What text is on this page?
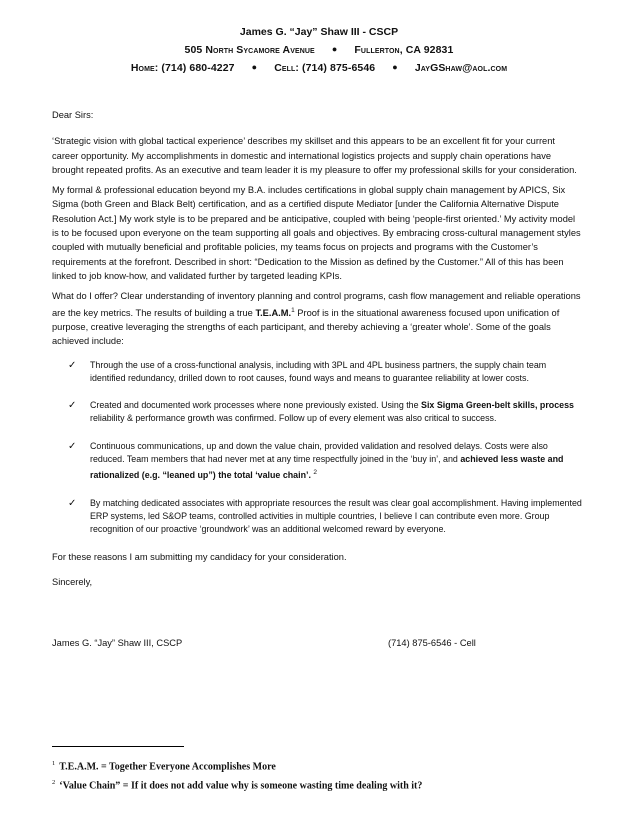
James G. “Jay” Shaw III - CSCP
505 North Sycamore Avenue ● Fullerton, CA 92831
Home: (714) 680-4227 ● Cell: (714) 875-6546 ● JayGShaw@aol.com

Dear Sirs:

‘Strategic vision with global tactical experience’ describes my skillset and this appears to be an excellent fit for your current career opportunity. My accomplishments in domestic and international logistics projects and supply chain operations have brought repeated profits. As an executive and team leader it is my pleasure to offer my professional skills for your consideration.

My formal & professional education beyond my B.A. includes certifications in global supply chain management by APICS, Six Sigma (both Green and Black Belt) certification, and as a certified dispute Mediator [under the California Alternative Dispute Resolution Act.] My work style is to be prepared and be anticipative, coupled with being ‘people-first oriented.’ My activity model is to be focused upon everyone on the team supporting all goals and objectives. By embracing cross-cultural management styles coupled with mutually beneficial and profitable policies, my teams focus on projects and programs with the Customer’s requirements at the forefront. Described in short: “Dedication to the Mission as defined by the Customer.” All of this has been linked to job know-how, and validated further by targeted leading KPIs.

What do I offer? Clear understanding of inventory planning and control programs, cash flow management and reliable operations are the key metrics. The results of building a true T.E.A.M.$^1$ Proof is in the situational awareness focused upon unification of purpose, creative leveraging the strengths of each participant, and thereby achieving a ‘greater whole’. Some of the goals achieved include:

✓ Through the use of a cross-functional analysis, including with 3PL and 4PL business partners, the supply chain team identified redundancy, drilled down to root causes, found ways and means to guarantee reliability at lower costs.
✓ Created and documented work processes where none previously existed. Using the Six Sigma Green-belt skills, process reliability & performance growth was confirmed. Follow up of every element was also critical to success.
✓ Continuous communications, up and down the value chain, provided validation and resolved delays. Costs were also reduced. Team members that had never met at any time respectfully joined in the ‘buy in’, and achieved less waste and rationalized (e.g. “leaned up”) the total ‘value chain’. $^2$
✓ By matching dedicated associates with appropriate resources the result was clear goal accomplishment. Having implemented ERP systems, led S&OP teams, controlled activities in multiple countries, I believe I can contribute even more. Group recognition of our proactive ‘groundwork’ was an additional welcomed reward by everyone.

For these reasons I am submitting my candidacy for your consideration.

Sincerely,

James G. “Jay” Shaw III, CSCP	(714) 875-6546 - Cell
$^1$ T.E.A.M. = Together Everyone Accomplishes More
$^2$ ‘Value Chain” = If it does not add value why is someone wasting time dealing with it?
